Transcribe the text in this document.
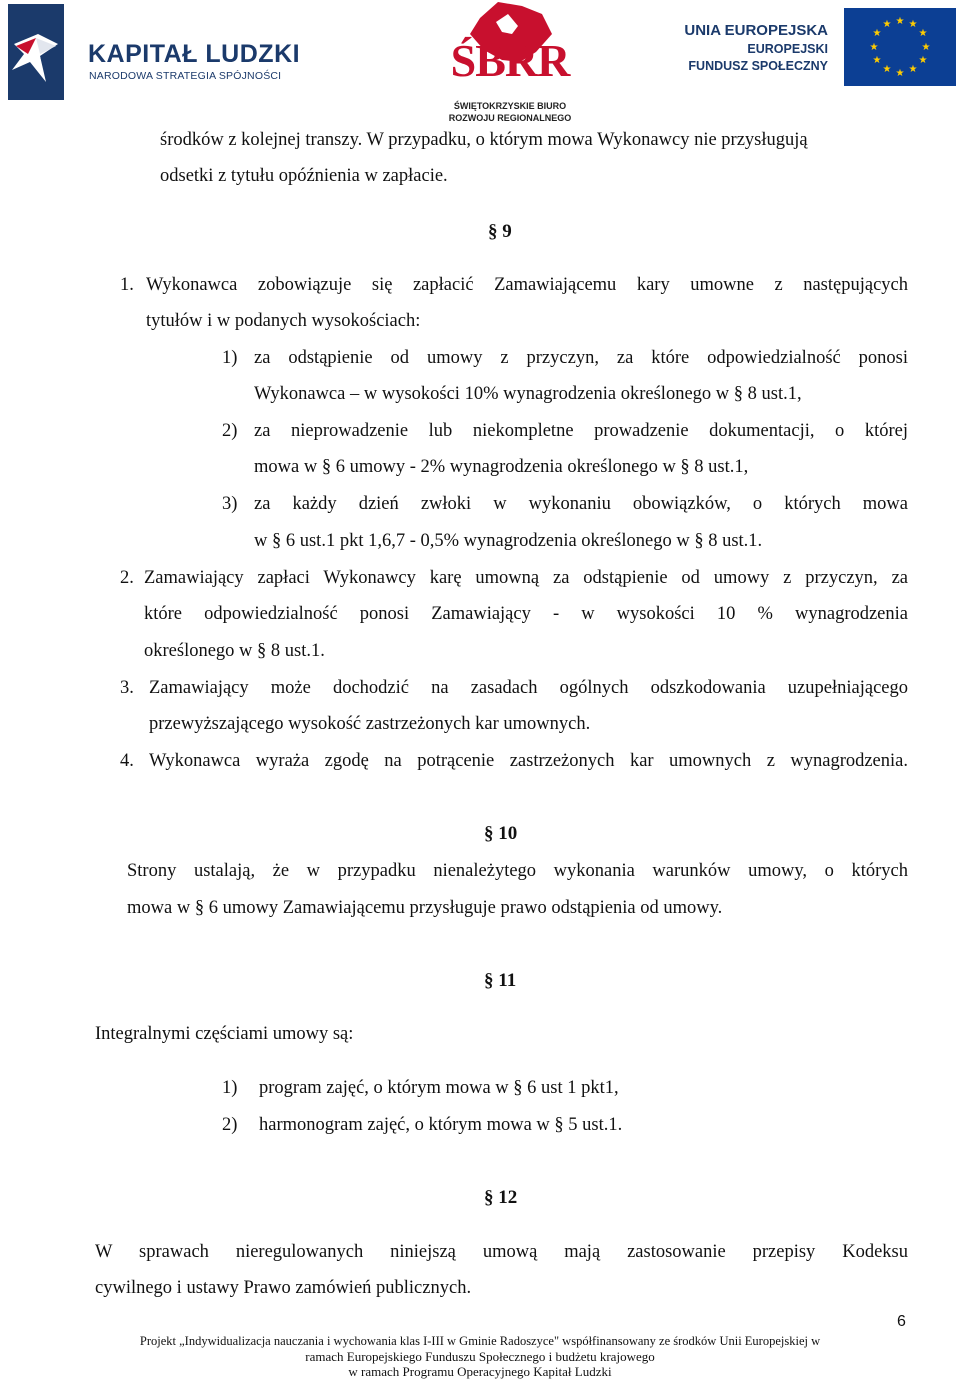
KAPITAŁ LUDZKI
NARODOWA STRATEGIA SPÓJNOŚCI	ŚBRR
ŚWIĘTOKRZYSKIE BIURO
ROZWOJU REGIONALNEGO
UNIA EUROPEJSKA
EUROPEJSKI
FUNDUSZ SPOŁECZNY
★ ★
★
★
★
★
★
★
★
★
★
★
środków z kolejnej transzy. W przypadku, o którym mowa Wykonawcy nie przysługują
odsetki z tytułu opóźnienia w zapłacie.
§ 9
1. Wykonawca zobowiązuje się zapłacić Zamawiającemu kary umowne z następujących
tytułów i w podanych wysokościach:
1) za odstąpienie od umowy z przyczyn, za które odpowiedzialność ponosi
Wykonawca – w wysokości 10% wynagrodzenia określonego w § 8 ust.1,
2) za nieprowadzenie lub niekompletne prowadzenie dokumentacji, o której
mowa w § 6 umowy - 2% wynagrodzenia określonego w § 8 ust.1,
3) za każdy dzień zwłoki w wykonaniu obowiązków, o których mowa
w § 6 ust.1 pkt 1,6,7 - 0,5% wynagrodzenia określonego w § 8 ust.1.
2. Zamawiający zapłaci Wykonawcy karę umowną za odstąpienie od umowy z przyczyn, za
które odpowiedzialność ponosi Zamawiający - w wysokości 10 % wynagrodzenia
określonego w § 8 ust.1.
3. Zamawiający może dochodzić na zasadach ogólnych odszkodowania uzupełniającego
przewyższającego wysokość zastrzeżonych kar umownych.
4. Wykonawca wyraża zgodę na potrącenie zastrzeżonych kar umownych z wynagrodzenia.
§ 10
Strony ustalają, że w przypadku nienależytego wykonania warunków umowy, o których
mowa w § 6 umowy Zamawiającemu przysługuje prawo odstąpienia od umowy.
§ 11
Integralnymi częściami umowy są:
1) program zajęć, o którym mowa w § 6 ust 1 pkt1,
2) harmonogram zajęć, o którym mowa w § 5 ust.1.
§ 12
W sprawach nieregulowanych niniejszą umową mają zastosowanie przepisy Kodeksu
cywilnego i ustawy Prawo zamówień publicznych.
6
Projekt „Indywidualizacja nauczania i wychowania klas I-III w Gminie Radoszyce" współfinansowany ze środków Unii Europejskiej w
ramach Europejskiego Funduszu Społecznego i budżetu krajowego
w ramach Programu Operacyjnego Kapitał Ludzki
